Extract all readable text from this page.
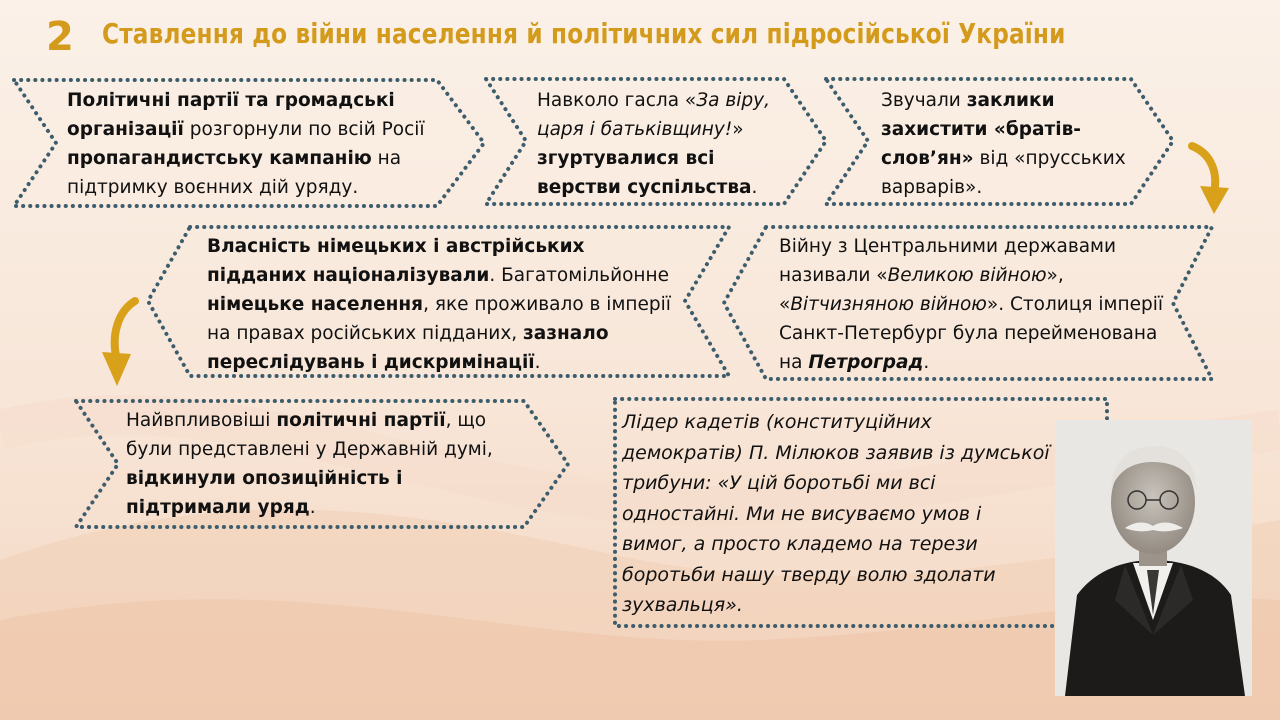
2 Ставлення до війни населення й політичних сил підросійської України
Політичні партії та громадські організації розгорнули по всій Росії пропагандистську кампанію на підтримку воєнних дій уряду.
Навколо гасла «За віру, царя і батьківщину!» згуртувалися всі верстви суспільства.
Звучали заклики захистити «братів-слов’ян» від «прусських варварів».
Власність німецьких і австрійських підданих націоналізували. Багатомільйонне німецьке населення, яке проживало в імперії на правах російських підданих, зазнало переслідувань і дискримінації.
Війну з Центральними державами називали «Великою війною», «Вітчизняною війною». Столиця імперії Санкт-Петербург була перейменована на Петроград.
Найвпливовіші політичні партії, що були представлені у Державній думі, відкинули опозиційність і підтримали уряд.
Лідер кадетів (конституційних демократів) П. Мілюков заявив із думської трибуни: «У цій боротьбі ми всі одностайні. Ми не висуваємо умов і вимог, а просто кладемо на терези боротьби нашу тверду волю здолати зухвальця».
